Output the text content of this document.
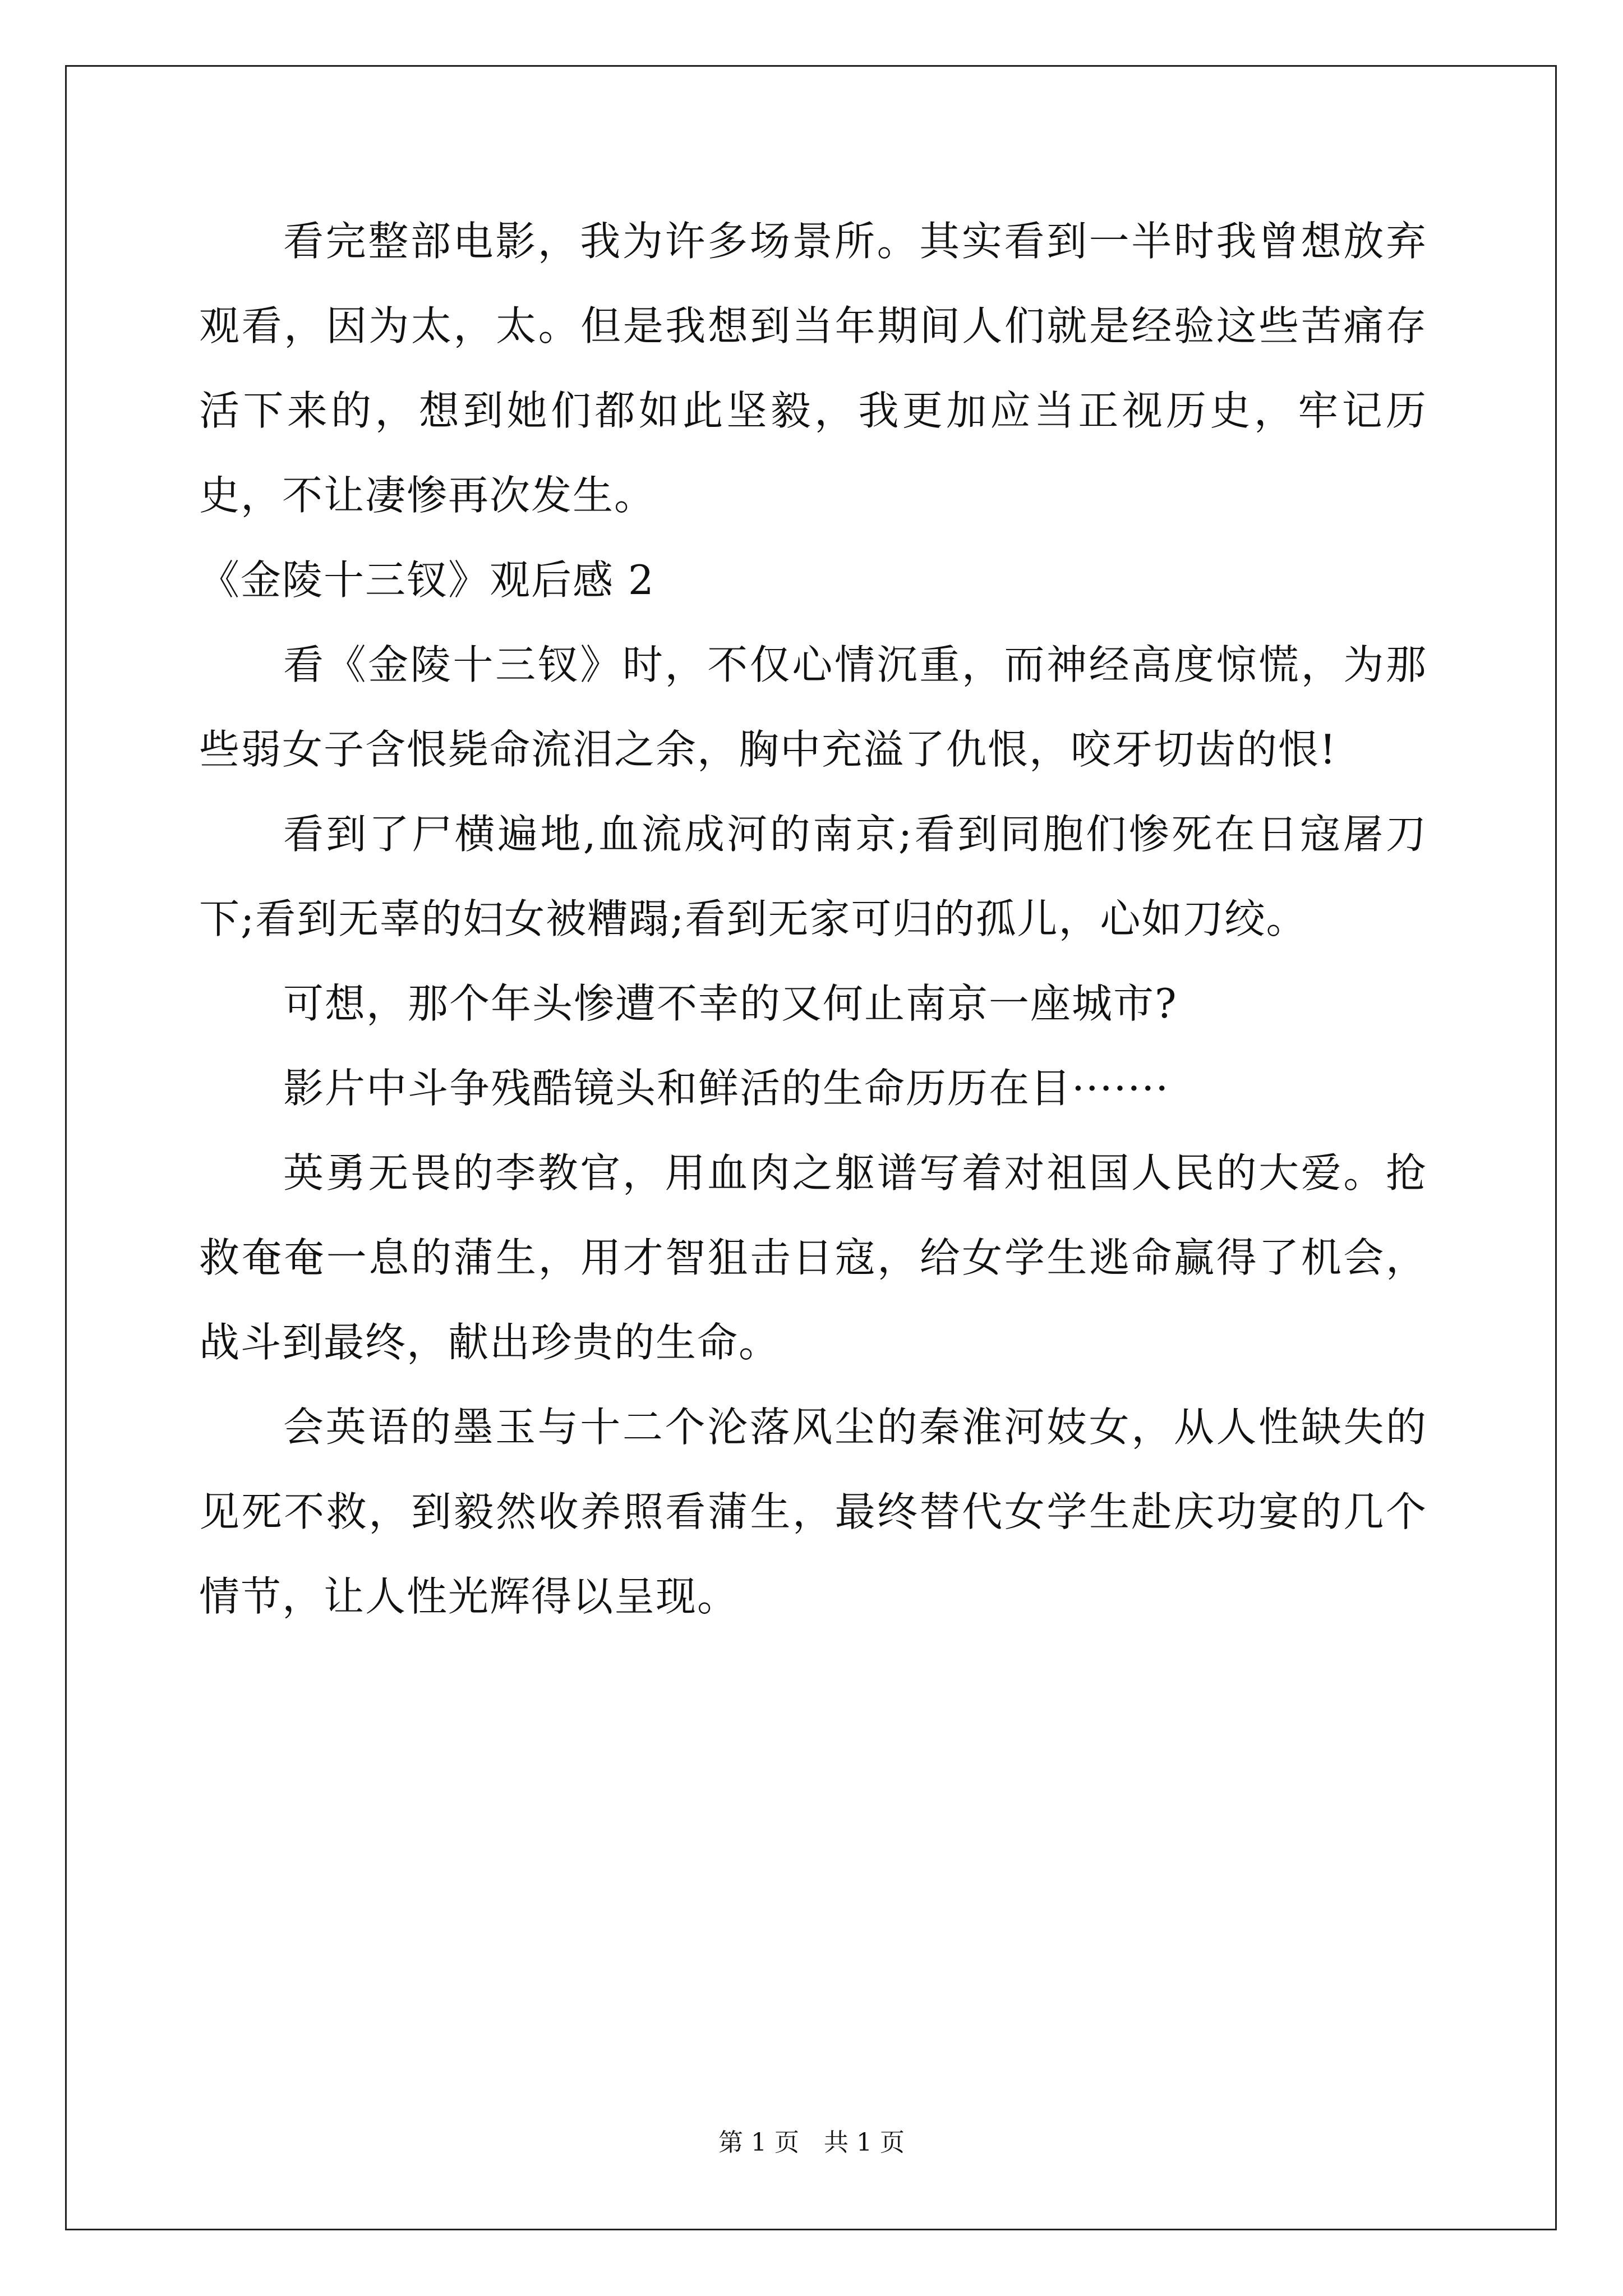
看完整部电影，我为许多场景所。其实看到一半时我曾想放弃观看，因为太，太。但是我想到当年期间人们就是经验这些苦痛存活下来的，想到她们都如此坚毅，我更加应当正视历史，牢记历史，不让凄惨再次发生。

《金陵十三钗》观后感 2

看《金陵十三钗》时，不仅心情沉重，而神经高度惊慌，为那些弱女子含恨毙命流泪之余，胸中充溢了仇恨，咬牙切齿的恨!

看到了尸横遍地,血流成河的南京;看到同胞们惨死在日寇屠刀下;看到无辜的妇女被糟蹋;看到无家可归的孤儿，心如刀绞。

可想，那个年头惨遭不幸的又何止南京一座城市?

影片中斗争残酷镜头和鲜活的生命历历在目·······

英勇无畏的李教官，用血肉之躯谱写着对祖国人民的大爱。抢救奄奄一息的蒲生，用才智狙击日寇，给女学生逃命赢得了机会，战斗到最终，献出珍贵的生命。

会英语的墨玉与十二个沦落风尘的秦淮河妓女，从人性缺失的见死不救，到毅然收养照看蒲生，最终替代女学生赴庆功宴的几个情节，让人性光辉得以呈现。

第 1 页 共 1 页
